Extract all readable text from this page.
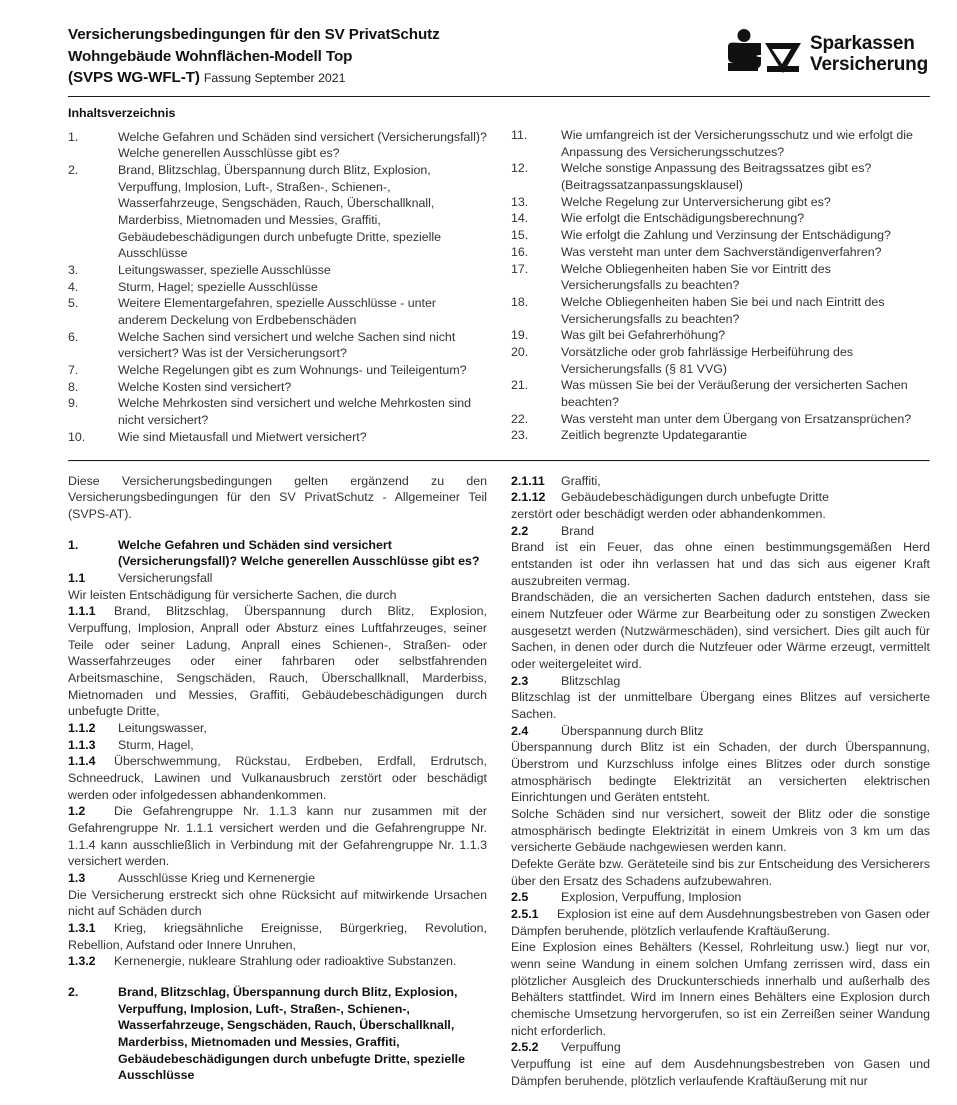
Versicherungsbedingungen für den SV PrivatSchutz
Wohngebäude Wohnflächen-Modell Top
(SVPS WG-WFL-T) Fassung September 2021
Sparkassen
Versicherung
Inhaltsverzeichnis
1.	Welche Gefahren und Schäden sind versichert (Versicherungsfall)? Welche generellen Ausschlüsse gibt es?
2.	Brand, Blitzschlag, Überspannung durch Blitz, Explosion, Verpuffung, Implosion, Luft-, Straßen-, Schienen-, Wasserfahrzeuge, Sengschäden, Rauch, Überschallknall, Marderbiss, Mietnomaden und Messies, Graffiti, Gebäudebeschädigungen durch unbefugte Dritte, spezielle Ausschlüsse
3.	Leitungswasser, spezielle Ausschlüsse
4.	Sturm, Hagel; spezielle Ausschlüsse
5.	Weitere Elementargefahren, spezielle Ausschlüsse - unter anderem Deckelung von Erdbebenschäden
6.	Welche Sachen sind versichert und welche Sachen sind nicht versichert? Was ist der Versicherungsort?
7.	Welche Regelungen gibt es zum Wohnungs- und Teileigentum?
8.	Welche Kosten sind versichert?
9.	Welche Mehrkosten sind versichert und welche Mehrkosten sind nicht versichert?
10.	Wie sind Mietausfall und Mietwert versichert?
11.	Wie umfangreich ist der Versicherungsschutz und wie erfolgt die Anpassung des Versicherungsschutzes?
12.	Welche sonstige Anpassung des Beitragssatzes gibt es? (Beitragssatzanpassungsklausel)
13.	Welche Regelung zur Unterversicherung gibt es?
14.	Wie erfolgt die Entschädigungsberechnung?
15.	Wie erfolgt die Zahlung und Verzinsung der Entschädigung?
16.	Was versteht man unter dem Sachverständigenverfahren?
17.	Welche Obliegenheiten haben Sie vor Eintritt des Versicherungsfalls zu beachten?
18.	Welche Obliegenheiten haben Sie bei und nach Eintritt des Versicherungsfalls zu beachten?
19.	Was gilt bei Gefahrerhöhung?
20.	Vorsätzliche oder grob fahrlässige Herbeiführung des Versicherungsfalls (§ 81 VVG)
21.	Was müssen Sie bei der Veräußerung der versicherten Sachen beachten?
22.	Was versteht man unter dem Übergang von Ersatzansprüchen?
23.	Zeitlich begrenzte Updategarantie

Diese Versicherungsbedingungen gelten ergänzend zu den Versicherungsbedingungen für den SV PrivatSchutz - Allgemeiner Teil (SVPS-AT).

1.	Welche Gefahren und Schäden sind versichert (Versicherungsfall)? Welche generellen Ausschlüsse gibt es?
1.1	Versicherungsfall

Wir leisten Entschädigung für versicherte Sachen, die durch

1.1.1 Brand, Blitzschlag, Überspannung durch Blitz, Explosion, Verpuffung, Implosion, Anprall oder Absturz eines Luftfahrzeuges, seiner Teile oder seiner Ladung, Anprall eines Schienen-, Straßen- oder Wasserfahrzeuges oder einer fahrbaren oder selbstfahrenden Arbeitsmaschine, Sengschäden, Rauch, Überschallknall, Marderbiss, Mietnomaden und Messies, Graffiti, Gebäudebeschädigungen durch unbefugte Dritte,

1.1.2	Leitungswasser,
1.1.3	Sturm, Hagel,

1.1.4 Überschwemmung, Rückstau, Erdbeben, Erdfall, Erdrutsch, Schneedruck, Lawinen und Vulkanausbruch zerstört oder beschädigt werden oder infolgedessen abhandenkommen.

1.2 Die Gefahrengruppe Nr. 1.1.3 kann nur zusammen mit der Gefahrengruppe Nr. 1.1.1 versichert werden und die Gefahrengruppe Nr. 1.1.4 kann ausschließlich in Verbindung mit der Gefahrengruppe Nr. 1.1.3 versichert werden.

1.3	Ausschlüsse Krieg und Kernenergie

Die Versicherung erstreckt sich ohne Rücksicht auf mitwirkende Ursachen nicht auf Schäden durch

1.3.1 Krieg, kriegsähnliche Ereignisse, Bürgerkrieg, Revolution, Rebellion, Aufstand oder Innere Unruhen,

1.3.2 Kernenergie, nukleare Strahlung oder radioaktive Substanzen.

2.	Brand, Blitzschlag, Überspannung durch Blitz, Explosion, Verpuffung, Implosion, Luft-, Straßen-, Schienen-, Wasserfahrzeuge, Sengschäden, Rauch, Überschallknall, Marderbiss, Mietnomaden und Messies, Graffiti, Gebäudebeschädigungen durch unbefugte Dritte, spezielle Ausschlüsse
2.1.11	Graffiti,
2.1.12	Gebäudebeschädigungen durch unbefugte Dritte

zerstört oder beschädigt werden oder abhandenkommen.

2.2	Brand

Brand ist ein Feuer, das ohne einen bestimmungsgemäßen Herd entstanden ist oder ihn verlassen hat und das sich aus eigener Kraft auszubreiten vermag.

Brandschäden, die an versicherten Sachen dadurch entstehen, dass sie einem Nutzfeuer oder Wärme zur Bearbeitung oder zu sonstigen Zwecken ausgesetzt werden (Nutzwärmeschäden), sind versichert. Dies gilt auch für Sachen, in denen oder durch die Nutzfeuer oder Wärme erzeugt, vermittelt oder weitergeleitet wird.

2.3	Blitzschlag

Blitzschlag ist der unmittelbare Übergang eines Blitzes auf versicherte Sachen.

2.4	Überspannung durch Blitz

Überspannung durch Blitz ist ein Schaden, der durch Überspannung, Überstrom und Kurzschluss infolge eines Blitzes oder durch sonstige atmosphärisch bedingte Elektrizität an versicherten elektrischen Einrichtungen und Geräten entsteht.

Solche Schäden sind nur versichert, soweit der Blitz oder die sonstige atmosphärisch bedingte Elektrizität in einem Umkreis von 3 km um das versicherte Gebäude nachgewiesen werden kann.

Defekte Geräte bzw. Geräteteile sind bis zur Entscheidung des Versicherers über den Ersatz des Schadens aufzubewahren.

2.5	Explosion, Verpuffung, Implosion

2.5.1 Explosion ist eine auf dem Ausdehnungsbestreben von Gasen oder Dämpfen beruhende, plötzlich verlaufende Kraftäußerung.

Eine Explosion eines Behälters (Kessel, Rohrleitung usw.) liegt nur vor, wenn seine Wandung in einem solchen Umfang zerrissen wird, dass ein plötzlicher Ausgleich des Druckunterschieds innerhalb und außerhalb des Behälters stattfindet. Wird im Innern eines Behälters eine Explosion durch chemische Umsetzung hervorgerufen, so ist ein Zerreißen seiner Wandung nicht erforderlich.

2.5.2	Verpuffung

Verpuffung ist eine auf dem Ausdehnungsbestreben von Gasen und Dämpfen beruhende, plötzlich verlaufende Kraftäußerung mit nur
